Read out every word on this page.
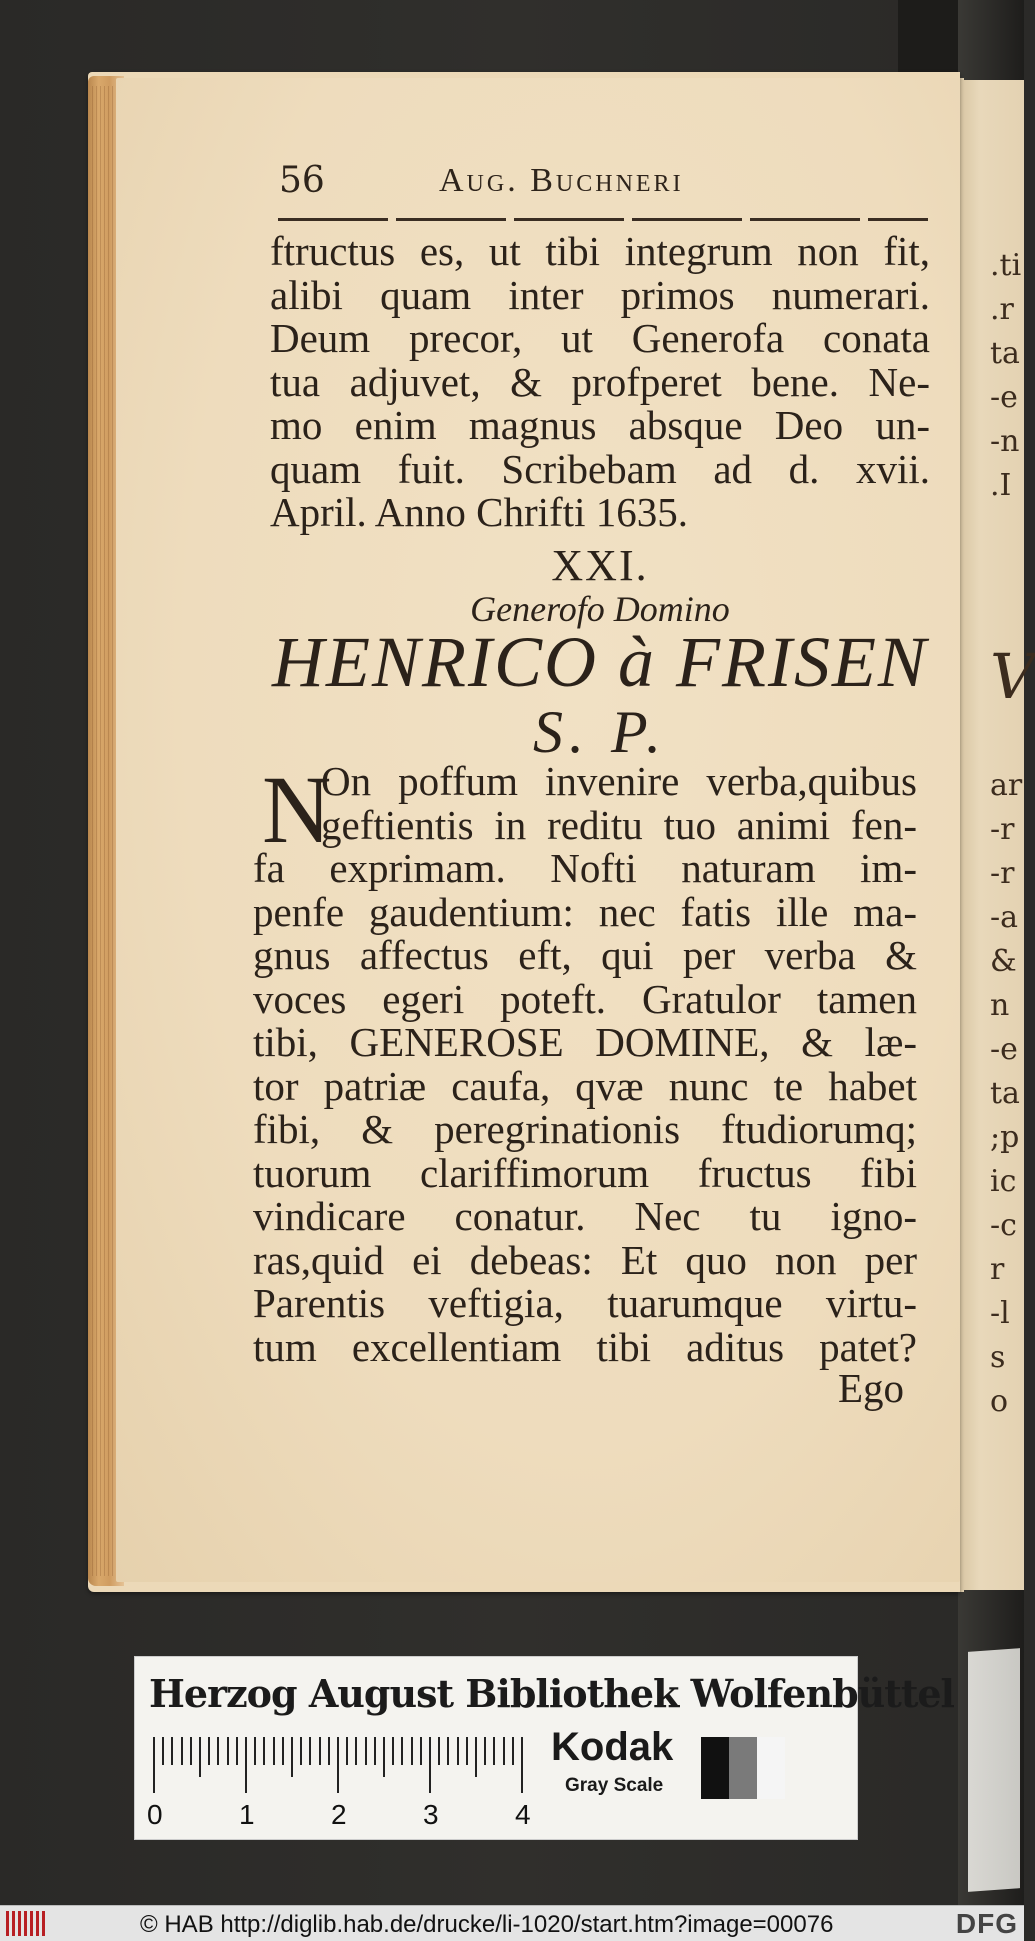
.ti
.r
ta
-e
-n
.I
V
ar
-r
-r
-a
&
n
-e
ta
;p
ic
-c
r
-l
s
o
56	Aug. Buchneri
ftructus es, ut tibi integrum non fit,
alibi quam inter primos numerari.
Deum precor, ut Generofa conata
tua adjuvet, & profperet bene. Ne-
mo enim magnus absque Deo un-
quam fuit. Scribebam ad d. xvii.
April. Anno Chrifti 1635.
XXI.
Generofo Domino
HENRICO à FRISEN
S. P.
N
On poffum invenire verba,quibus
geftientis in reditu tuo animi fen-
fa exprimam. Nofti naturam im-
penfe gaudentium: nec fatis ille ma-
gnus affectus eft, qui per verba &
voces egeri poteft. Gratulor tamen
tibi, GENEROSE DOMINE, & læ-
tor patriæ caufa, qvæ nunc te habet
fibi, & peregrinationis ftudiorumq;
tuorum clariffimorum fructus fibi
vindicare conatur. Nec tu igno-
ras,quid ei debeas: Et quo non per
Parentis veftigia, tuarumque virtu-
tum excellentiam tibi aditus patet?
Ego
Herzog August Bibliothek Wolfenbüttel
0	1	2	3	4
Kodak
Gray Scale
© HAB http://diglib.hab.de/drucke/li-1020/start.htm?image=00076	DFG
